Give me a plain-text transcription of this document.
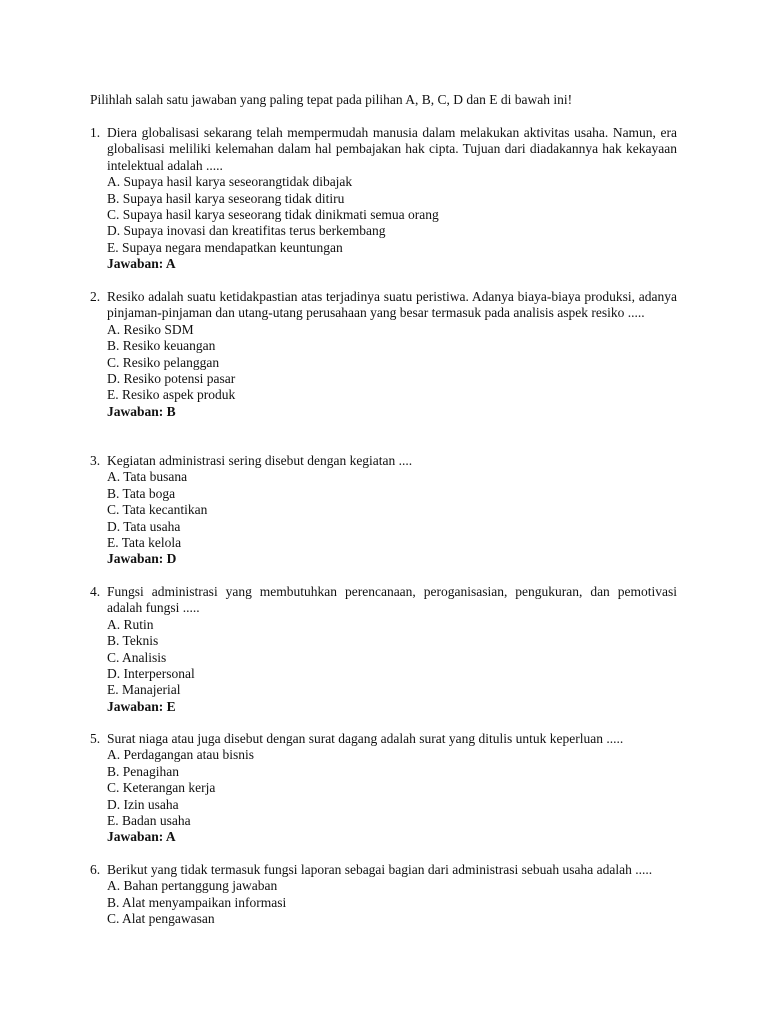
Pilihlah salah satu jawaban yang paling tepat pada pilihan A, B, C, D dan E di bawah ini!
1. Diera globalisasi sekarang telah mempermudah manusia dalam melakukan aktivitas usaha. Namun, era globalisasi meliliki kelemahan dalam hal pembajakan hak cipta. Tujuan dari diadakannya hak kekayaan intelektual adalah .....
A. Supaya hasil karya seseorangtidak dibajak
B. Supaya hasil karya seseorang tidak ditiru
C. Supaya hasil karya seseorang tidak dinikmati semua orang
D. Supaya inovasi dan kreatifitas terus berkembang
E. Supaya negara mendapatkan keuntungan
Jawaban: A
2. Resiko adalah suatu ketidakpastian atas terjadinya suatu peristiwa. Adanya biaya-biaya produksi, adanya pinjaman-pinjaman dan utang-utang perusahaan yang besar termasuk pada analisis aspek resiko .....
A. Resiko SDM
B. Resiko keuangan
C. Resiko pelanggan
D. Resiko potensi pasar
E. Resiko aspek produk
Jawaban: B
3. Kegiatan administrasi sering disebut dengan kegiatan ....
A. Tata busana
B. Tata boga
C. Tata kecantikan
D. Tata usaha
E. Tata kelola
Jawaban: D
4. Fungsi administrasi yang membutuhkan perencanaan, peroganisasian, pengukuran, dan pemotivasi adalah fungsi .....
A. Rutin
B. Teknis
C. Analisis
D. Interpersonal
E. Manajerial
Jawaban: E
5. Surat niaga atau juga disebut dengan surat dagang adalah surat yang ditulis untuk keperluan .....
A. Perdagangan atau bisnis
B. Penagihan
C. Keterangan kerja
D. Izin usaha
E. Badan usaha
Jawaban: A
6. Berikut yang tidak termasuk fungsi laporan sebagai bagian dari administrasi sebuah usaha adalah .....
A. Bahan pertanggung jawaban
B. Alat menyampaikan informasi
C. Alat pengawasan
